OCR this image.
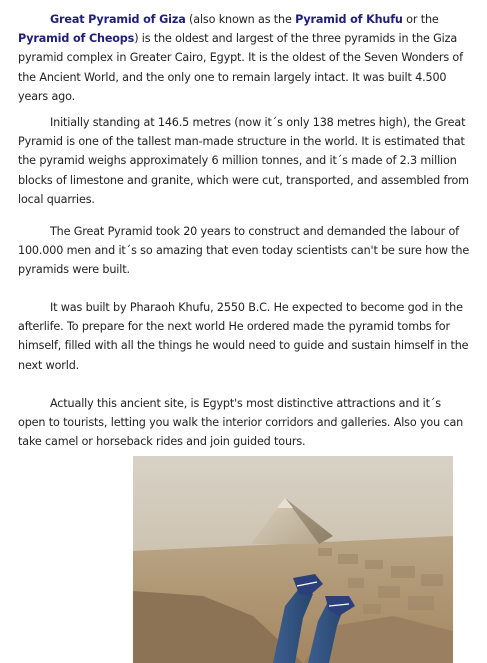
Great Pyramid of Giza (also known as the Pyramid of Khufu or the Pyramid of Cheops) is the oldest and largest of the three pyramids in the Giza pyramid complex in Greater Cairo, Egypt. It is the oldest of the Seven Wonders of the Ancient World, and the only one to remain largely intact. It was built 4.500 years ago.

Initially standing at 146.5 metres (now it´s only 138 metres high), the Great Pyramid is one of the tallest man-made structure in the world. It is estimated that the pyramid weighs approximately 6 million tonnes, and it´s made of 2.3 million blocks of limestone and granite, which were cut, transported, and assembled from local quarries.

The Great Pyramid took 20 years to construct and demanded the labour of 100.000 men and it´s so amazing that even today scientists can't be sure how the pyramids were built.

It was built by Pharaoh Khufu, 2550 B.C. He expected to become god in the afterlife. To prepare for the next world He ordered made the pyramid tombs for himself, filled with all the things he would need to guide and sustain himself in the next world.

Actually this ancient site, is Egypt's most distinctive attractions and it´s open to tourists, letting you walk the interior corridors and galleries. Also you can take camel or horseback rides and join guided tours.
